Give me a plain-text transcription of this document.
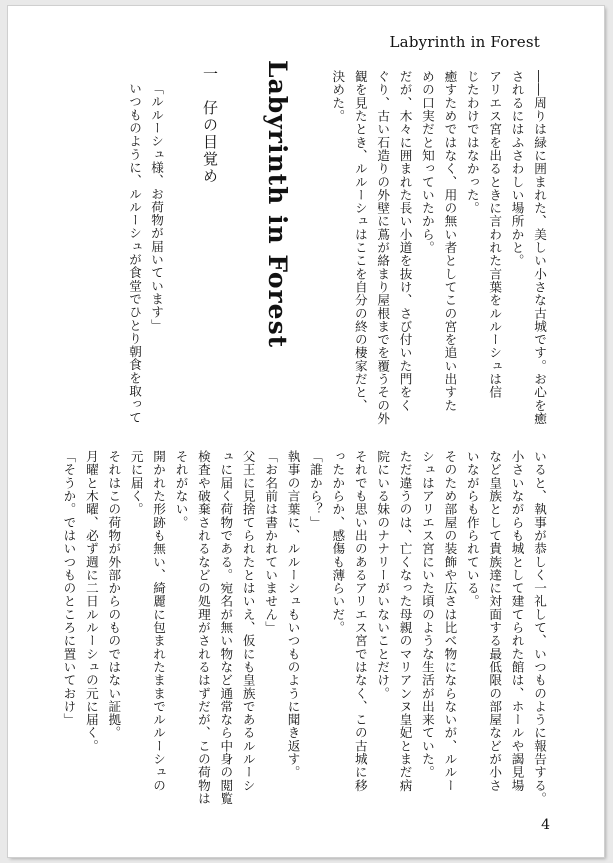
Labyrinth in Forest
――周りは緑に囲まれた、美しい小さな古城です。お心を癒
されるにはふさわしい場所かと。
アリエス宮を出るときに言われた言葉をルルーシュは信
じたわけではなかった。
癒すためではなく、用の無い者としてこの宮を追い出すた
めの口実だと知っていたから。
だが、木々に囲まれた長い小道を抜け、さび付いた門をく
ぐり、古い石造りの外壁に蔦が絡まり屋根までを覆うその外
観を見たとき、ルルーシュはここを自分の終の棲家だと、
決めた。
Labyrinth in Forest
一　仔の目覚め
「ルルーシュ様、お荷物が届いています」
いつものように、ルルーシュが食堂でひとり朝食を取って
いると、執事が恭しく一礼して、いつものように報告する。
小さいながらも城として建てられた館は、ホールや謁見場
など皇族として貴族達に対面する最低限の部屋などが小さ
いながらも作られている。
そのため部屋の装飾や広さは比べ物にならないが、ルルー
シュはアリエス宮にいた頃のような生活が出来ていた。
ただ違うのは、亡くなった母親のマリアンヌ皇妃とまだ病
院にいる妹のナナリーがいないことだけ。
それでも思い出のあるアリエス宮ではなく、この古城に移
ったからか、感傷も薄らいだ。
「誰から？」
執事の言葉に、ルルーシュもいつものように聞き返す。
「お名前は書かれていません」
父王に見捨てられたとはいえ、仮にも皇族であるルルーシ
ュに届く荷物である。宛名が無い物など通常なら中身の閲覧
検査や破棄されるなどの処理がされるはずだが、この荷物は
それがない。
開かれた形跡も無い、綺麗に包まれたままでルルーシュの
元に届く。
それはこの荷物が外部からのものではない証拠。
月曜と木曜、必ず週に二日ルルーシュの元に届く。
「そうか。ではいつものところに置いておけ」
4
